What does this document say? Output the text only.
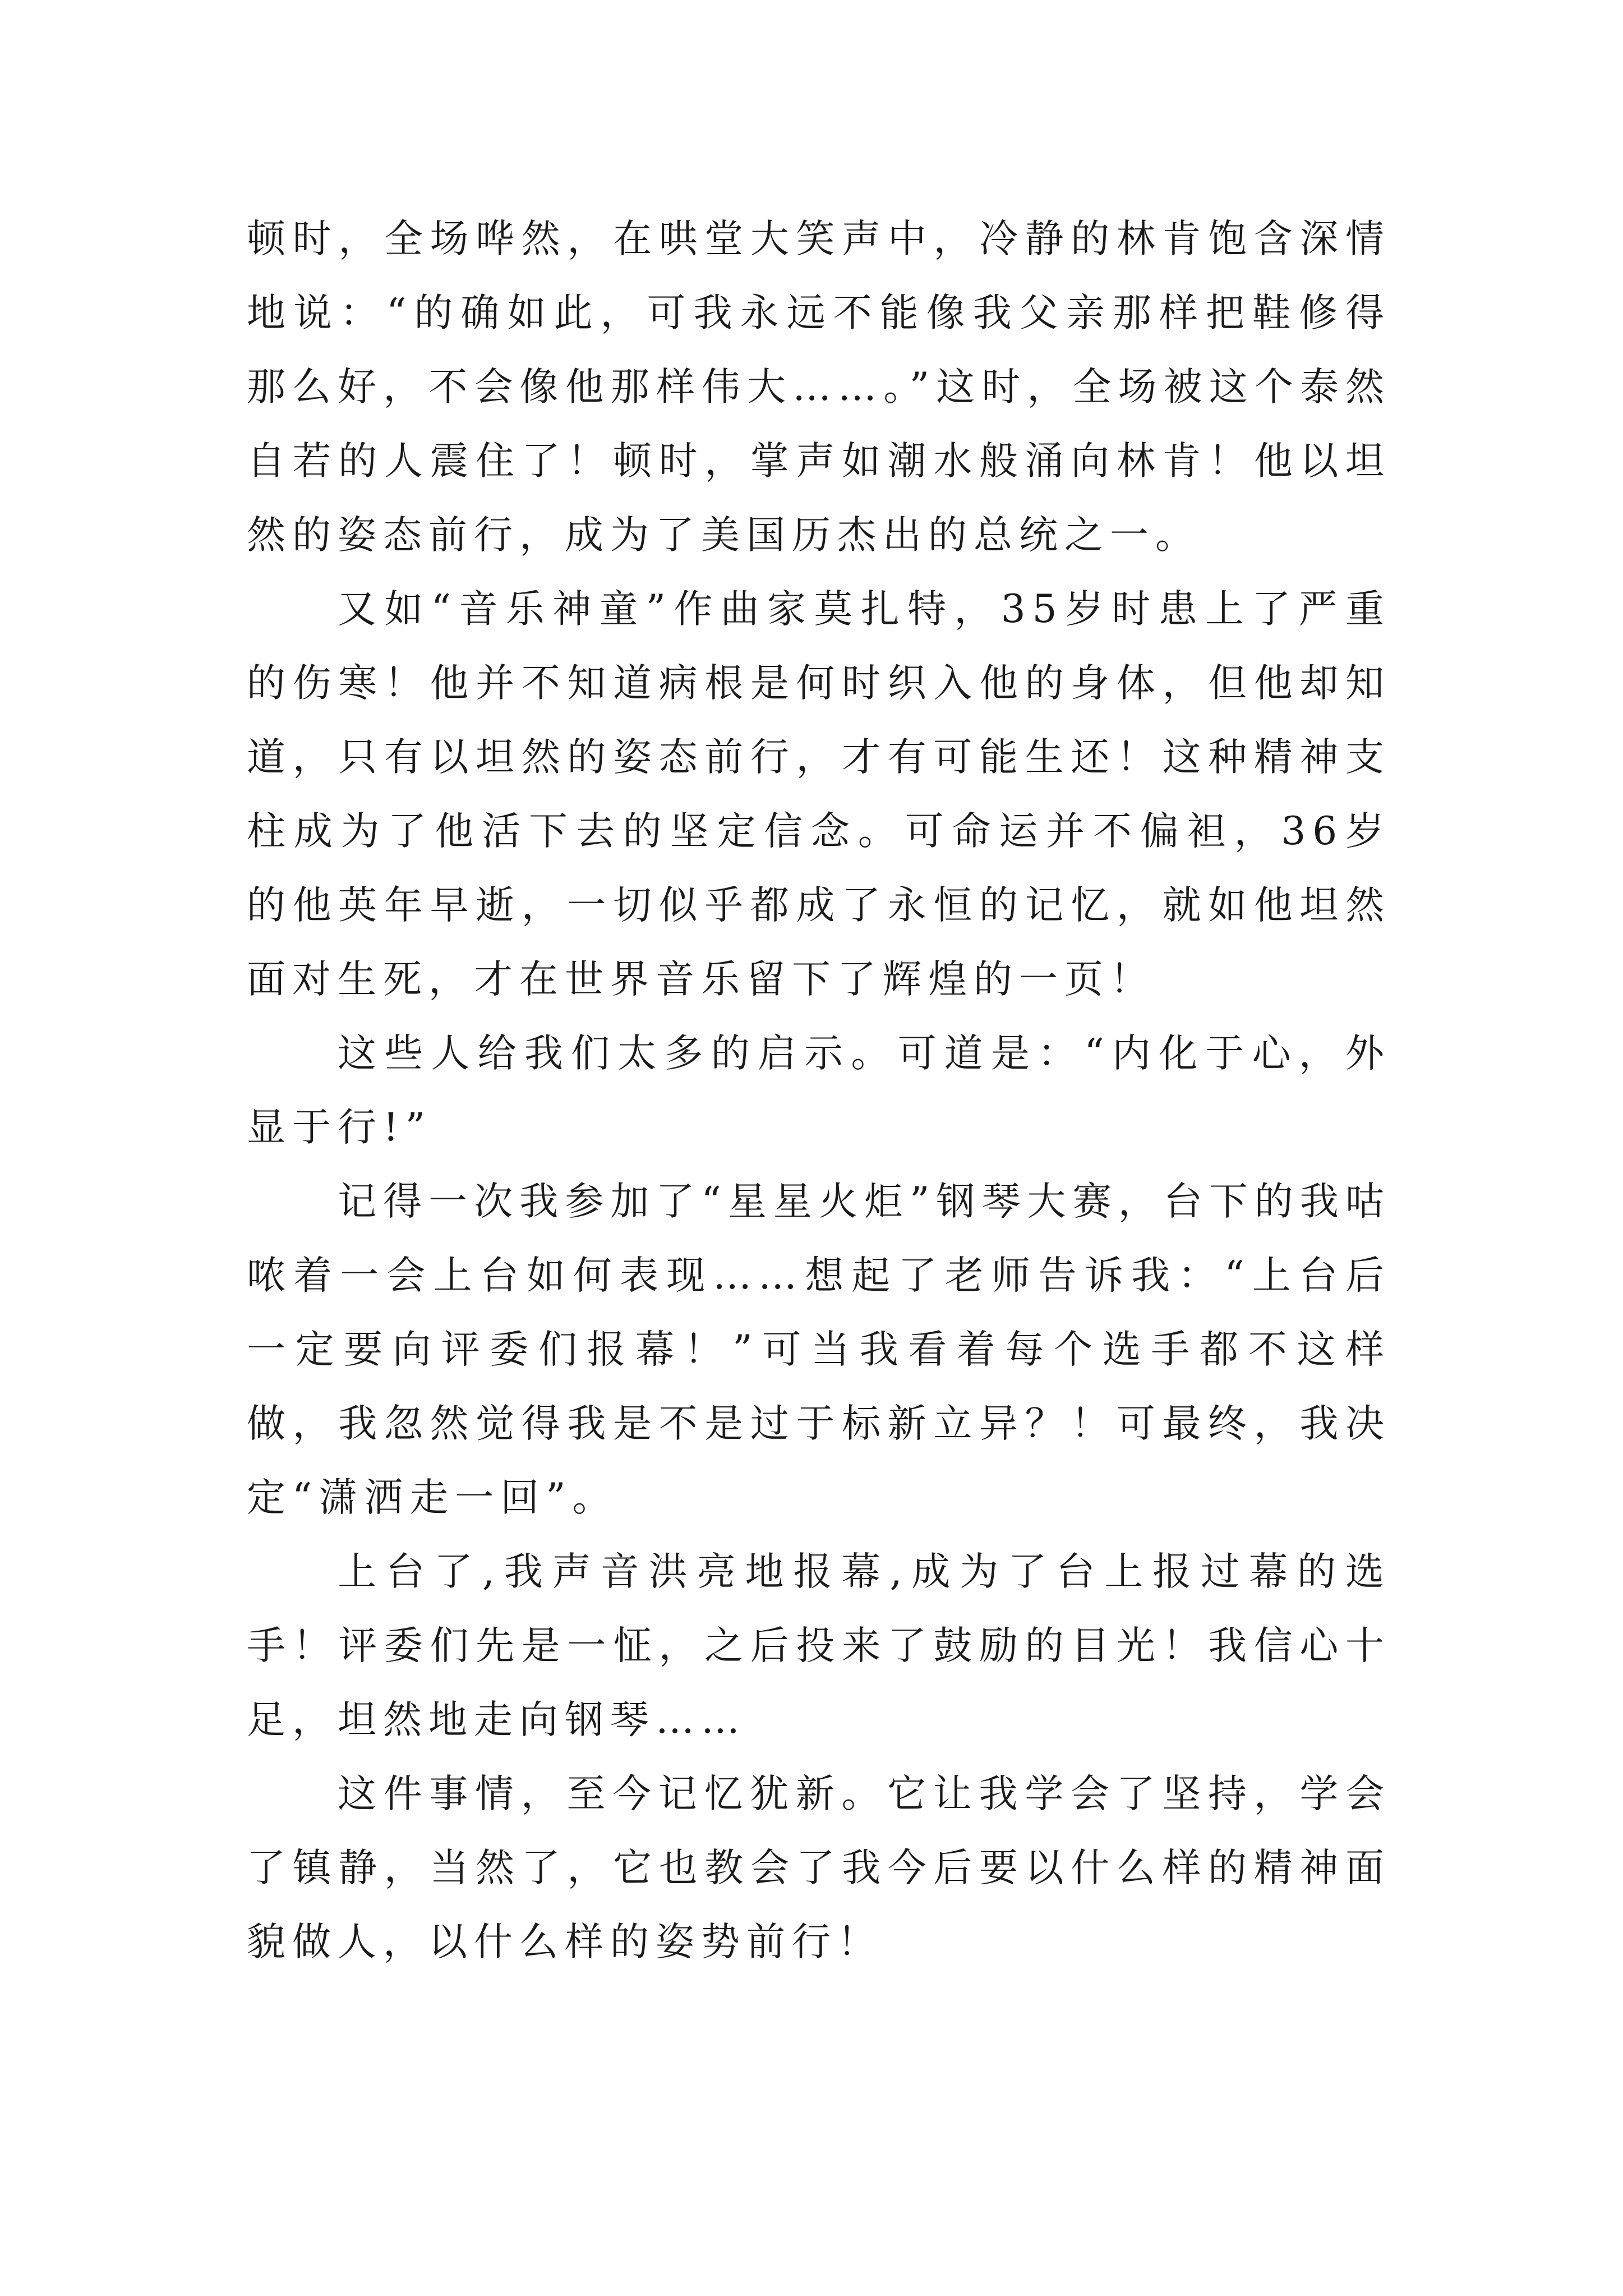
顿时，全场哗然，在哄堂大笑声中，冷静的林肯饱含深情地说：“的确如此，可我永远不能像我父亲那样把鞋修得那么好，不会像他那样伟大……。”这时，全场被这个泰然自若的人震住了！顿时，掌声如潮水般涌向林肯！他以坦然的姿态前行，成为了美国历杰出的总统之一。

又如“音乐神童”作曲家莫扎特，35岁时患上了严重的伤寒！他并不知道病根是何时织入他的身体，但他却知道，只有以坦然的姿态前行，才有可能生还！这种精神支柱成为了他活下去的坚定信念。可命运并不偏袒，36岁的他英年早逝，一切似乎都成了永恒的记忆，就如他坦然面对生死，才在世界音乐留下了辉煌的一页！

这些人给我们太多的启示。可道是：“内化于心，外显于行!”

记得一次我参加了“星星火炬”钢琴大赛，台下的我咕哝着一会上台如何表现……想起了老师告诉我：“上台后一定要向评委们报幕！”可当我看着每个选手都不这样做，我忽然觉得我是不是过于标新立异？！可最终，我决定“潇洒走一回”。

上台了,我声音洪亮地报幕,成为了台上报过幕的选手！评委们先是一怔，之后投来了鼓励的目光！我信心十足，坦然地走向钢琴……

这件事情，至今记忆犹新。它让我学会了坚持，学会了镇静，当然了，它也教会了我今后要以什么样的精神面貌做人，以什么样的姿势前行！
